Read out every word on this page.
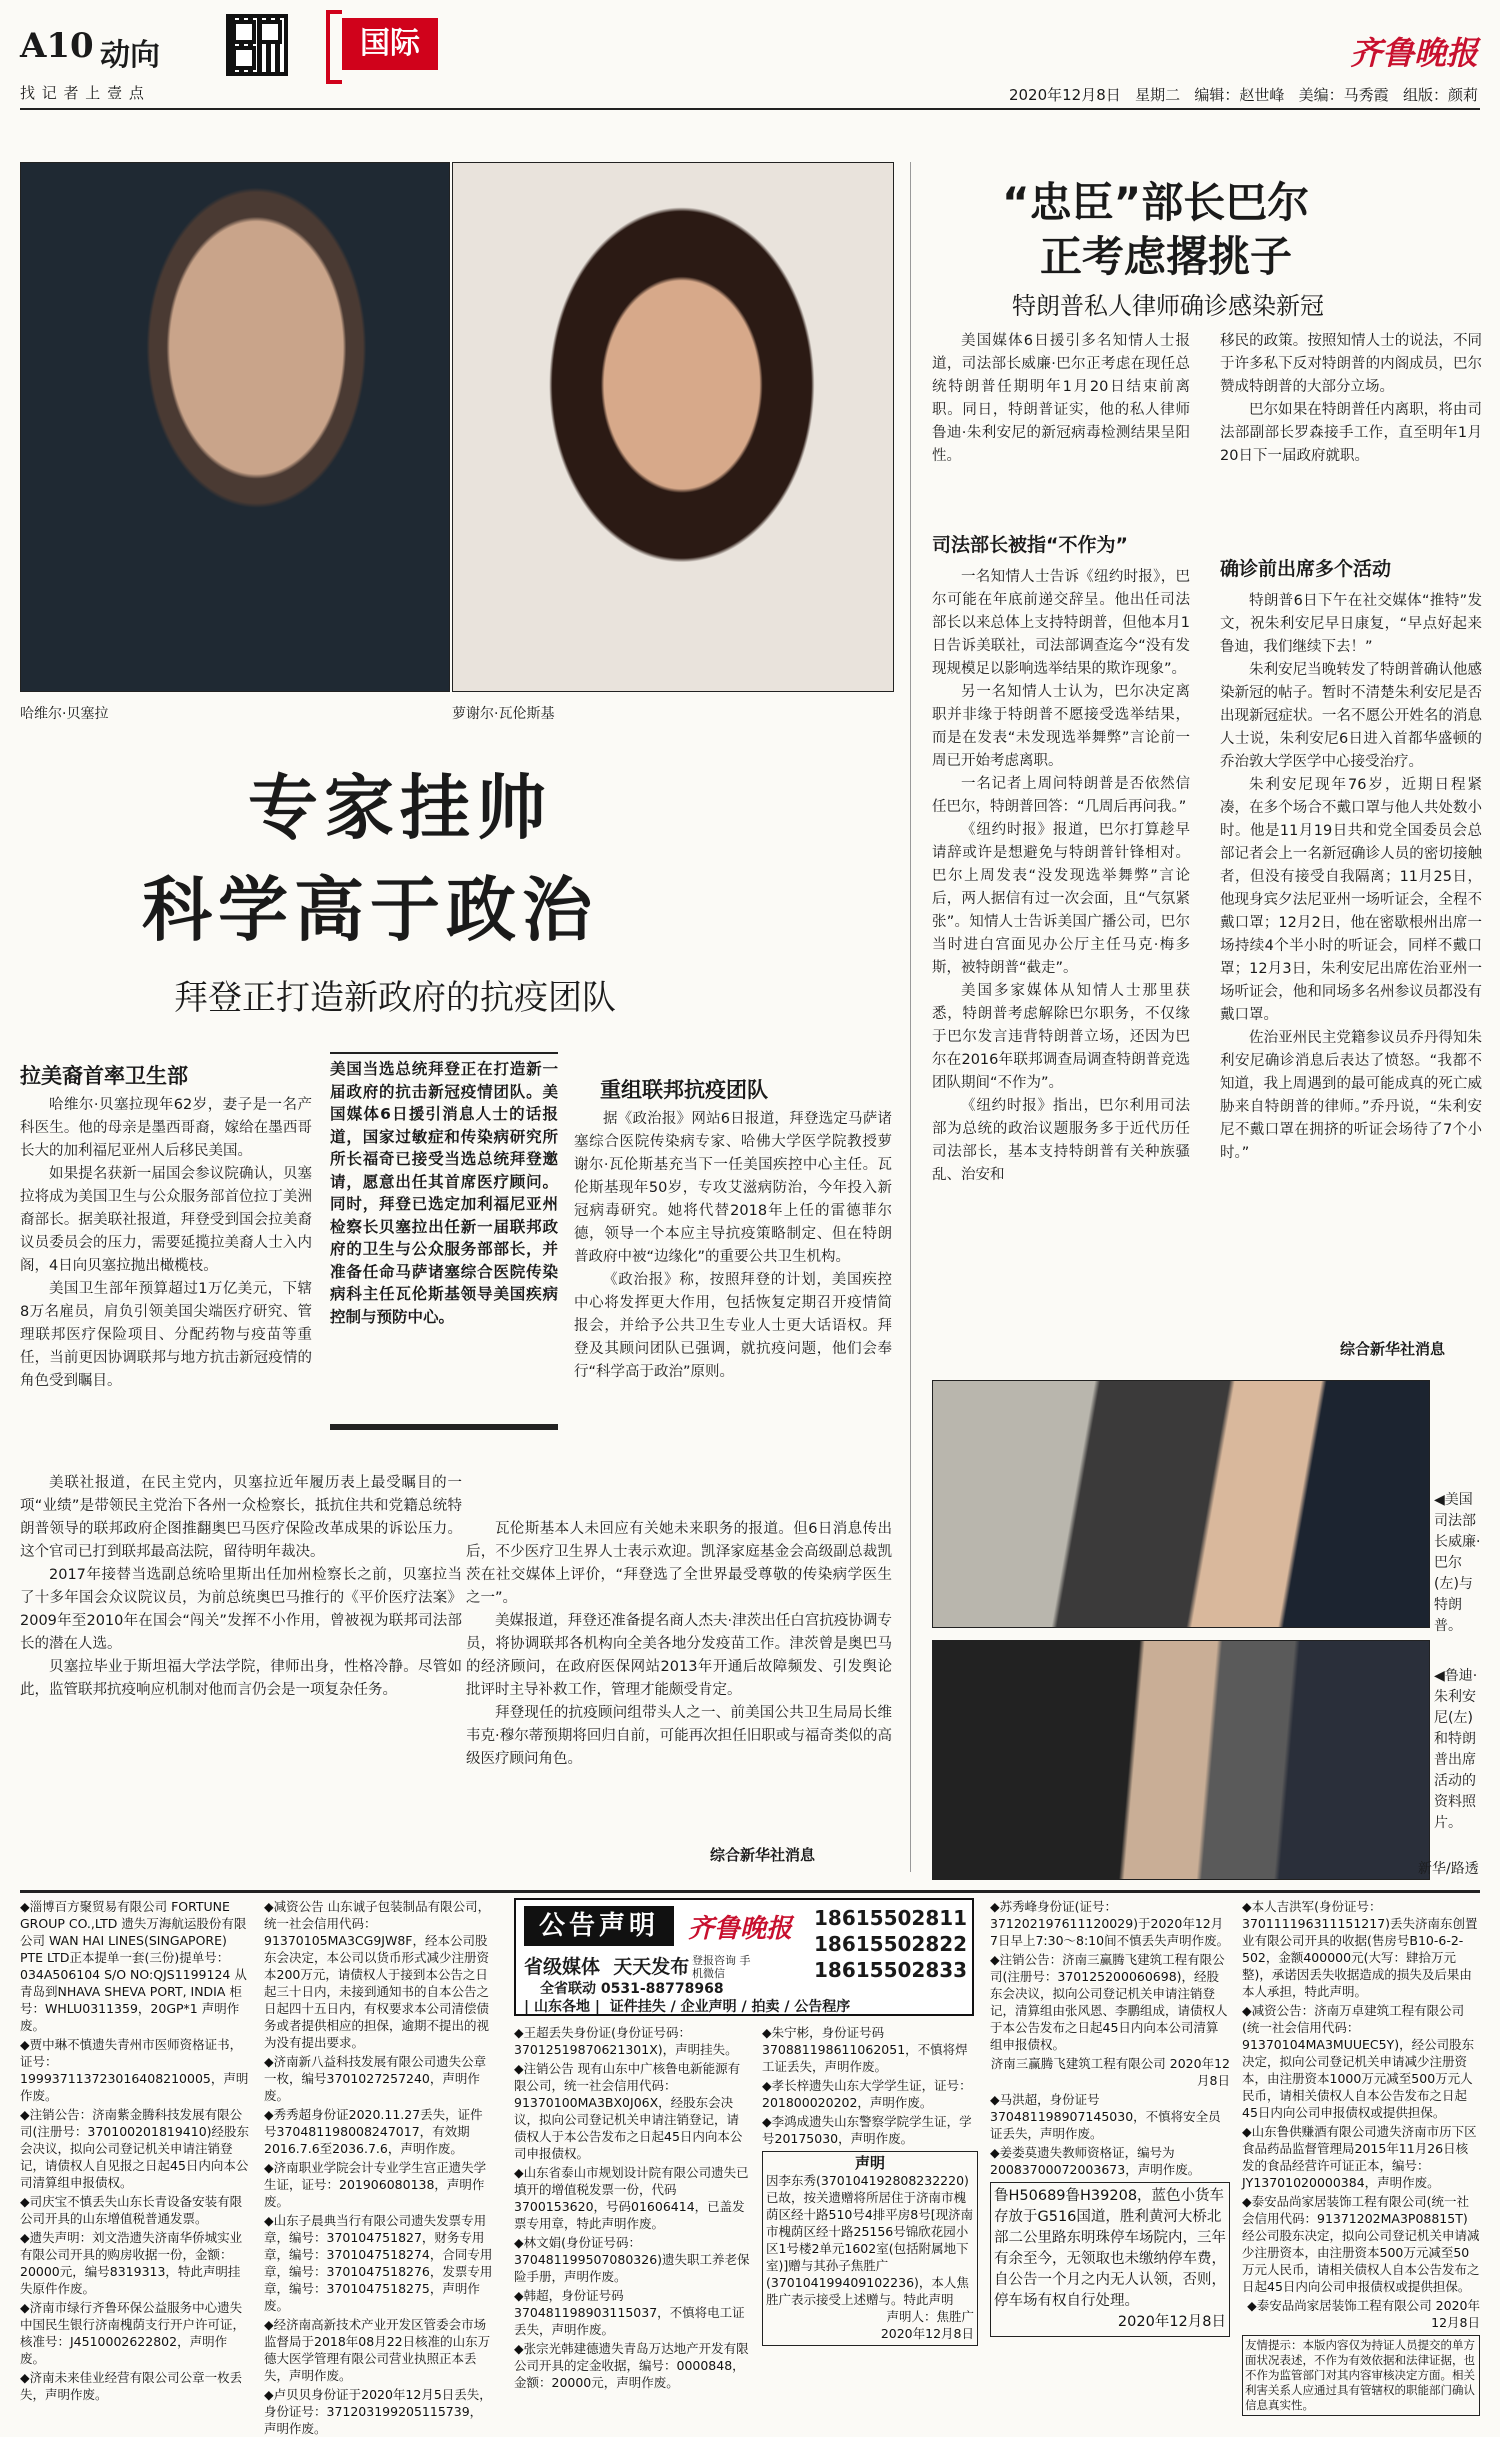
A10 动向
找 记 者 上 壹 点
国际	齐鲁晚报
2020年12月8日   星期二   编辑：赵世峰   美编：马秀霞   组版：颜莉
哈维尔·贝塞拉	萝谢尔·瓦伦斯基
专家挂帅
科学高于政治
拜登正打造新政府的抗疫团队
拉美裔首率卫生部

哈维尔·贝塞拉现年62岁，妻子是一名产科医生。他的母亲是墨西哥裔，嫁给在墨西哥长大的加利福尼亚州人后移民美国。

如果提名获新一届国会参议院确认，贝塞拉将成为美国卫生与公众服务部首位拉丁美洲裔部长。据美联社报道，拜登受到国会拉美裔议员委员会的压力，需要延揽拉美裔人士入内阁，4日向贝塞拉抛出橄榄枝。

美国卫生部年预算超过1万亿美元，下辖8万名雇员，肩负引领美国尖端医疗研究、管理联邦医疗保险项目、分配药物与疫苗等重任，当前更因协调联邦与地方抗击新冠疫情的角色受到瞩目。

美联社报道，在民主党内，贝塞拉近年履历表上最受瞩目的一项“业绩”是带领民主党治下各州一众检察长，抵抗住共和党籍总统特朗普领导的联邦政府企图推翻奥巴马医疗保险改革成果的诉讼压力。这个官司已打到联邦最高法院，留待明年裁决。

2017年接替当选副总统哈里斯出任加州检察长之前，贝塞拉当了十多年国会众议院议员，为前总统奥巴马推行的《平价医疗法案》2009年至2010年在国会“闯关”发挥不小作用，曾被视为联邦司法部长的潜在人选。

贝塞拉毕业于斯坦福大学法学院，律师出身，性格冷静。尽管如此，监管联邦抗疫响应机制对他而言仍会是一项复杂任务。

美国当选总统拜登正在打造新一届政府的抗击新冠疫情团队。美国媒体6日援引消息人士的话报道，国家过敏症和传染病研究所所长福奇已接受当选总统拜登邀请，愿意出任其首席医疗顾问。同时，拜登已选定加利福尼亚州检察长贝塞拉出任新一届联邦政府的卫生与公众服务部部长，并准备任命马萨诸塞综合医院传染病科主任瓦伦斯基领导美国疾病控制与预防中心。
重组联邦抗疫团队

据《政治报》网站6日报道，拜登选定马萨诸塞综合医院传染病专家、哈佛大学医学院教授萝谢尔·瓦伦斯基充当下一任美国疾控中心主任。瓦伦斯基现年50岁，专攻艾滋病防治，今年投入新冠病毒研究。她将代替2018年上任的雷德菲尔德，领导一个本应主导抗疫策略制定、但在特朗普政府中被“边缘化”的重要公共卫生机构。

《政治报》称，按照拜登的计划，美国疾控中心将发挥更大作用，包括恢复定期召开疫情简报会，并给予公共卫生专业人士更大话语权。拜登及其顾问团队已强调，就抗疫问题，他们会奉行“科学高于政治”原则。

瓦伦斯基本人未回应有关她未来职务的报道。但6日消息传出后，不少医疗卫生界人士表示欢迎。凯泽家庭基金会高级副总裁凯茨在社交媒体上评价，“拜登选了全世界最受尊敬的传染病学医生之一”。

美媒报道，拜登还准备提名商人杰夫·津茨出任白宫抗疫协调专员，将协调联邦各机构向全美各地分发疫苗工作。津茨曾是奥巴马的经济顾问，在政府医保网站2013年开通后故障频发、引发舆论批评时主导补救工作，管理才能颇受肯定。

拜登现任的抗疫顾问组带头人之一、前美国公共卫生局局长维韦克·穆尔蒂预期将回归自前，可能再次担任旧职或与福奇类似的高级医疗顾问角色。

综合新华社消息
“忠臣”部长巴尔
正考虑撂挑子
特朗普私人律师确诊感染新冠

美国媒体6日援引多名知情人士报道，司法部长威廉·巴尔正考虑在现任总统特朗普任期明年1月20日结束前离职。同日，特朗普证实，他的私人律师鲁迪·朱利安尼的新冠病毒检测结果呈阳性。

司法部长被指“不作为”

一名知情人士告诉《纽约时报》，巴尔可能在年底前递交辞呈。他出任司法部长以来总体上支持特朗普，但他本月1日告诉美联社，司法部调查迄今“没有发现规模足以影响选举结果的欺诈现象”。

另一名知情人士认为，巴尔决定离职并非缘于特朗普不愿接受选举结果，而是在发表“未发现选举舞弊”言论前一周已开始考虑离职。

一名记者上周问特朗普是否依然信任巴尔，特朗普回答：“几周后再问我。”

《纽约时报》报道，巴尔打算趁早请辞或许是想避免与特朗普针锋相对。巴尔上周发表“没发现选举舞弊”言论后，两人据信有过一次会面，且“气氛紧张”。知情人士告诉美国广播公司，巴尔当时进白宫面见办公厅主任马克·梅多斯，被特朗普“截走”。

美国多家媒体从知情人士那里获悉，特朗普考虑解除巴尔职务，不仅缘于巴尔发言违背特朗普立场，还因为巴尔在2016年联邦调查局调查特朗普竞选团队期间“不作为”。

《纽约时报》指出，巴尔利用司法部为总统的政治议题服务多于近代历任司法部长，基本支持特朗普有关种族骚乱、治安和

移民的政策。按照知情人士的说法，不同于许多私下反对特朗普的内阁成员，巴尔赞成特朗普的大部分立场。

巴尔如果在特朗普任内离职，将由司法部副部长罗森接手工作，直至明年1月20日下一届政府就职。

确诊前出席多个活动

特朗普6日下午在社交媒体“推特”发文，祝朱利安尼早日康复，“早点好起来鲁迪，我们继续下去！”

朱利安尼当晚转发了特朗普确认他感染新冠的帖子。暂时不清楚朱利安尼是否出现新冠症状。一名不愿公开姓名的消息人士说，朱利安尼6日进入首都华盛顿的乔治敦大学医学中心接受治疗。

朱利安尼现年76岁，近期日程紧凑，在多个场合不戴口罩与他人共处数小时。他是11月19日共和党全国委员会总部记者会上一名新冠确诊人员的密切接触者，但没有接受自我隔离；11月25日，他现身宾夕法尼亚州一场听证会，全程不戴口罩；12月2日，他在密歇根州出席一场持续4个半小时的听证会，同样不戴口罩；12月3日，朱利安尼出席佐治亚州一场听证会，他和同场多名州参议员都没有戴口罩。

佐治亚州民主党籍参议员乔丹得知朱利安尼确诊消息后表达了愤怒。“我都不知道，我上周遇到的最可能成真的死亡威胁来自特朗普的律师。”乔丹说，“朱利安尼不戴口罩在拥挤的听证会场待了7个小时。”

综合新华社消息
◀美国司法部长威廉·巴尔(左)与特朗普。
◀鲁迪·朱利安尼(左)和特朗普出席活动的资料照片。
新华/路透
◆淄博百方聚贸易有限公司 FORTUNE GROUP CO.,LTD 遗失万海航运股份有限公司 WAN HAI LINES(SINGAPORE) PTE LTD正本提单一套(三份)提单号：034A506104 S/O NO:QJS1199124 从青岛到NHAVA SHEVA PORT, INDIA 柜号：WHLU0311359，20GP*1 声明作废。
◆贾中琳不慎遗失青州市医师资格证书，证号：199937113723016408210005，声明作废。
◆注销公告：济南紫金腾科技发展有限公司(注册号：370100201819410)经股东会决议，拟向公司登记机关申请注销登记，请债权人自见报之日起45日内向本公司清算组申报债权。
◆司庆宝不慎丢失山东长青设备安装有限公司开具的山东增值税普通发票。
◆遗失声明：刘文浩遗失济南华侨城实业有限公司开具的购房收据一份，金额：20000元，编号8319313，特此声明挂失原件作废。
◆济南市绿行齐鲁环保公益服务中心遗失中国民生银行济南槐荫支行开户许可证，核准号：J4510002622802，声明作废。
◆济南未来佳业经营有限公司公章一枚丢失，声明作废。
◆减资公告 山东诚子包装制品有限公司，统一社会信用代码：91370105MA3CG9JW8F，经本公司股东会决定，本公司以货币形式减少注册资本200万元，请债权人于接到本公告之日起三十日内，未接到通知书的自本公告之日起四十五日内，有权要求本公司清偿债务或者提供相应的担保，逾期不提出的视为没有提出要求。
◆济南新八益科技发展有限公司遗失公章一枚，编号3701027257240，声明作废。
◆秀秀超身份证2020.11.27丢失，证件号370481198008247017，有效期2016.7.6至2036.7.6，声明作废。
◆济南职业学院会计专业学生宫正遗失学生证，证号：201906080138，声明作废。
◆山东子晨典当行有限公司遗失发票专用章，编号：370104751827，财务专用章，编号：3701047518274，合同专用章，编号：370104751827​6，发票专用章，编号：3701047518275，声明作废。
◆经济南高新技术产业开发区管委会市场监督局于2018年08月22日核准的山东万德大医学管理有限公司营业执照正本丢失，声明作废。
◆卢贝贝身份证于2020年12月5日丢失，身份证号：371203199205115739，声明作废。
公告声明	齐鲁晚报
省级媒体  天天发布 登报咨询 手机微信
全省联动 0531-88778968
18615502811
18615502822
18615502833
| 山东各地 |  证件挂失 / 企业声明 / 拍卖 / 公告程序
◆王超丢失身份证(身份证号码：37012519870621301X)，声明挂失。
◆注销公告 现有山东中广核鲁电新能源有限公司，统一社会信用代码：91370100MA3BX0J06X，经股东会决议，拟向公司登记机关申请注销登记，请债权人于本公告发布之日起45日内向本公司申报债权。
◆山东省泰山市规划设计院有限公司遗失已填开的增值税发票一份，代码3700153620，号码01606414，已盖发票专用章，特此声明作废。
◆林文娟(身份证号码：370481199507080326)遗失职工养老保险手册，声明作废。
◆韩超，身份证号码370481198903115037，不慎将电工证丢失，声明作废。
◆张宗光韩建德遗失青岛万达地产开发有限公司开具的定金收据，编号：0000848，金额：20000元，声明作废。
◆朱宁彬，身份证号码370881198611062051，不慎将焊工证丢失，声明作废。
◆孝长梓遗失山东大学学生证，证号：201800020202，声明作废。
◆李鸿成遗失山东警察学院学生证，学号20175030，声明作废。
声明
因李东秀(370104192808232220)已故，按关遗赠将所居住于济南市槐荫区经十路510号4排平房8号[现济南市槐荫区经十路25156号锦欣花园小区1号楼2单元1602室(包括附属地下室)]赠与其孙子焦胜广(370104199409102236)，本人焦胜广表示接受上述赠与。特此声明
声明人：焦胜广
2020年12月8日
◆苏秀峰身份证(证号：371202197611120029)于2020年12月7日早上7:30～8:10间不慎丢失声明作废。
◆注销公告：济南三赢腾飞建筑工程有限公司(注册号：370125200060698)，经股东会决议，拟向公司登记机关申请注销登记，清算组由张风恩、李鹏组成，请债权人于本公告发布之日起45日内向本公司清算组申报债权。
济南三赢腾飞建筑工程有限公司 2020年12月8日
◆马洪超，身份证号370481198907145030，不慎将安全员证丢失，声明作废。
◆姜娄莫遗失教师资格证，编号为20083700072003673，声明作废。
鲁H50689鲁H39208，蓝色小货车存放于G516国道，胜利黄河大桥北部二公里路东明珠停车场院内，三年有余至今，无领取也未缴纳停车费，自公告一个月之内无人认领，否则，停车场有权自行处理。
2020年12月8日
◆本人吉洪军(身份证号：370111196311151217)丢失济南东创置业有限公司开具的收据(售房号B10-6-2-502，金额400000元(大写：肆拾万元整)，承诺因丢失收据造成的损失及后果由本人承担，特此声明。
◆减资公告：济南万卓建筑工程有限公司(统一社会信用代码：91370104MA3MUUEC5Y)，经公司股东决定，拟向公司登记机关申请减少注册资本，由注册资本1000万元减至500万元人民币，请相关债权人自本公告发布之日起45日内向公司申报债权或提供担保。
◆山东鲁供赚酒有限公司遗失济南市历下区食品药品监督管理局2015年11月26日核发的食品经营许可证正本，编号：JY13701020000384，声明作废。
◆泰安品尚家居装饰工程有限公司(统一社会信用代码：91371202MA3P08815T)经公司股东决定，拟向公司登记机关申请减少注册资本，由注册资本500万元减至50万元人民币，请相关债权人自本公告发布之日起45日内向公司申报债权或提供担保。
◆泰安品尚家居装饰工程有限公司 2020年12月8日
友情提示：本版内容仅为持证人员提交的单方面状况表述，不作为有效依据和法律证据，也不作为监管部门对其内容审核决定方面。相关利害关系人应通过具有管辖权的职能部门确认信息真实性。
